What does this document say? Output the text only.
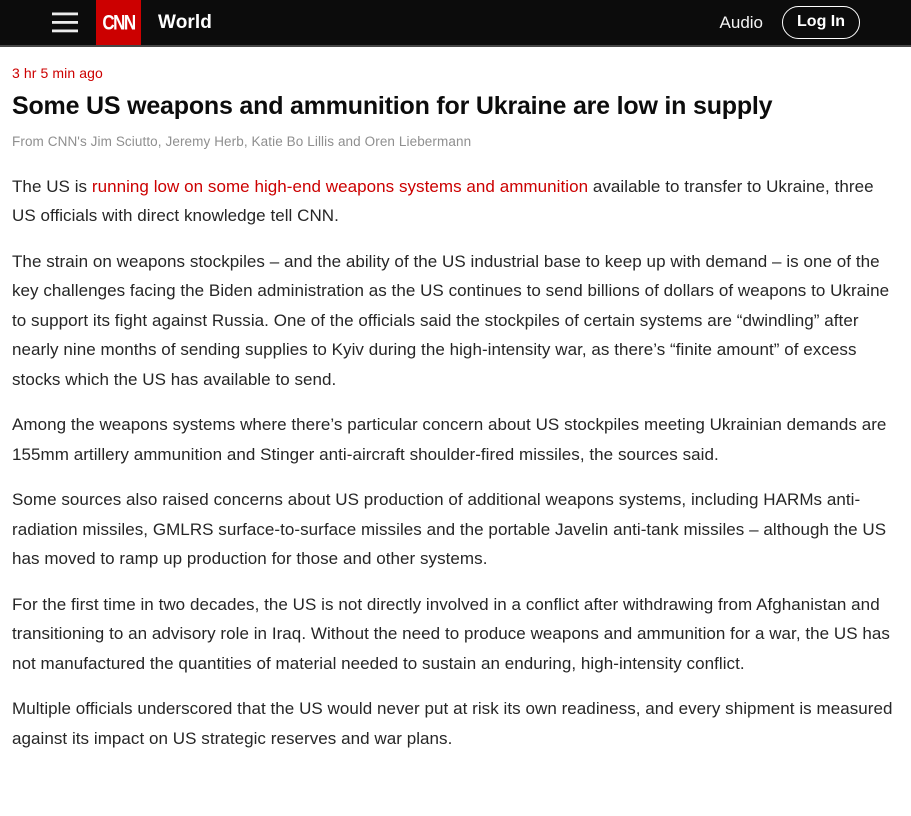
CNN World	Audio	Log In
3 hr 5 min ago
Some US weapons and ammunition for Ukraine are low in supply
From CNN's Jim Sciutto, Jeremy Herb, Katie Bo Lillis and Oren Liebermann

The US is running low on some high-end weapons systems and ammunition available to transfer to Ukraine, three US officials with direct knowledge tell CNN.

The strain on weapons stockpiles – and the ability of the US industrial base to keep up with demand – is one of the key challenges facing the Biden administration as the US continues to send billions of dollars of weapons to Ukraine to support its fight against Russia. One of the officials said the stockpiles of certain systems are “dwindling” after nearly nine months of sending supplies to Kyiv during the high-intensity war, as there’s “finite amount” of excess stocks which the US has available to send.

Among the weapons systems where there’s particular concern about US stockpiles meeting Ukrainian demands are 155mm artillery ammunition and Stinger anti-aircraft shoulder-fired missiles, the sources said.

Some sources also raised concerns about US production of additional weapons systems, including HARMs anti-radiation missiles, GMLRS surface-to-surface missiles and the portable Javelin anti-tank missiles – although the US has moved to ramp up production for those and other systems.

For the first time in two decades, the US is not directly involved in a conflict after withdrawing from Afghanistan and transitioning to an advisory role in Iraq. Without the need to produce weapons and ammunition for a war, the US has not manufactured the quantities of material needed to sustain an enduring, high-intensity conflict.

Multiple officials underscored that the US would never put at risk its own readiness, and every shipment is measured against its impact on US strategic reserves and war plans.
